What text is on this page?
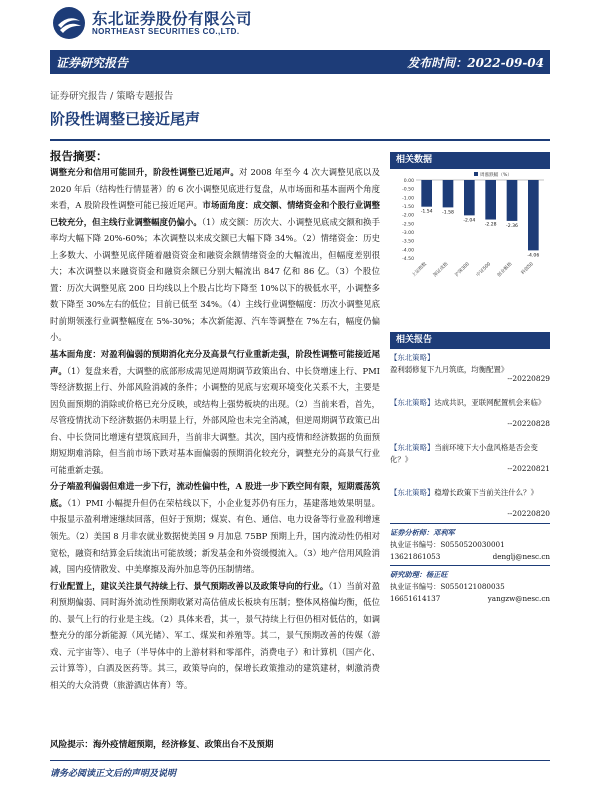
东北证券股份有限公司
NORTHEAST SECURITIES CO.,LTD.
证券研究报告	发布时间：2022-09-04
证券研究报告 / 策略专题报告
阶段性调整已接近尾声
报告摘要：

调整充分和信用可能回升，阶段性调整已近尾声。对 2008 年至今 4 次大调整见底以及 2020 年后（结构性行情显著）的 6 次小调整见底进行复盘，从市场面和基本面两个角度来看，A 股阶段性调整可能已接近尾声。市场面角度：成交额、情绪资金和个股行业调整已较充分，但主线行业调整幅度仍偏小。（1）成交额：历次大、小调整见底成交额和换手率均大幅下降 20%-60%；本次调整以来成交额已大幅下降 34%。（2）情绪资金：历史上多数大、小调整见底伴随着融资资金和融资余额情绪资金的大幅流出，但幅度差别很大；本次调整以来融资资金和融资余额已分别大幅流出 847 亿和 86 亿。（3）个股位置：历次大调整见底 200 日均线以上个股占比均下降至 10%以下的极低水平，小调整多数下降至 30%左右的低位；目前已低至 34%。（4）主线行业调整幅度：历次小调整见底时前期领涨行业调整幅度在 5%-30%；本次新能源、汽车等调整在 7%左右，幅度仍偏小。

基本面角度：对盈利偏弱的预期消化充分及高景气行业重新走强，阶段性调整可能接近尾声。（1）复盘来看，大调整的底部形成需见逆周期调节政策出台、中长贷增速上行、PMI 等经济数据上行、外部风险消减的条件；小调整的见底与宏观环境变化关系不大，主要是因负面预期的消除或价格已充分反映，或结构上强势板块的出现。（2）当前来看，首先，尽管疫情扰动下经济数据仍未明显上行，外部风险也未完全消减，但逆周期调节政策已出台、中长贷同比增速有望筑底回升，当前非大调整。其次，国内疫情和经济数据的负面预期短期难消除，但当前市场下跌对基本面偏弱的预期消化较充分，调整充分的高景气行业可能重新走强。

分子端盈利偏弱但难进一步下行，流动性偏中性，A 股进一步下跌空间有限，短期震荡筑底。（1）PMI 小幅提升但仍在荣枯线以下，小企业复苏仍有压力，基建落地效果明显。中报显示盈利增速继续回落，但好于预期；煤炭、有色、通信、电力设备等行业盈利增速领先。（2）美国 8 月非农就业数据使美国 9 月加息 75BP 预期上升，国内流动性仍相对宽松，融资和结算金后续流出可能放缓；新发基金和外资缓慢流入。（3）地产信用风险消减，国内疫情散发、中美摩擦及海外加息等仍压制情绪。

行业配置上，建议关注景气持续上行、景气预期改善以及政策导向的行业。（1）当前对盈利预期偏弱、同时海外流动性预期收紧对高估值成长板块有压制；整体风格偏均衡，低位的、景气上行的行业是主线。（2）具体来看，其一，景气持续上行但仍相对低估的，如调整充分的部分新能源（风光储）、军工、煤炭和养殖等。其二，景气预期改善的传媒（游戏、元宇宙等）、电子（半导体中的上游材料和零部件，消费电子）和计算机（国产化、云计算等），白酒及医药等。其三，政策导向的，保增长政策推动的建筑建材，刺激消费相关的大众消费（旅游酒店体育）等。

风险提示：海外疫情超预期，经济修复、政策出台不及预期
相关数据
0.00
-0.50
-1.00
-1.50
-2.00
-2.50
-3.00
-3.50
-4.00
-4.50
周涨跌幅（%）
-1.54
上证指数
-1.58
深证成指
-2.04
沪深300
-2.28
中证500
-2.36
创业板指
-4.06
科创50
相关报告
【东北策略】盈利弱修复下九月筑底，均衡配置》
--20220829
【东北策略】达成共识，亚联网配置机会来临》
--20220828
【东北策略】当前环境下大小盘风格是否会变化？》
--20220821
【东北策略】稳增长政策下当前关注什么？》
--20220820
证券分析师：邓利军
执业证书编号：S0550520030001
13621861053	denglj@nesc.cn
研究助理：杨正旺
执业证书编号：S0550121080035
16651614137	yangzw@nesc.cn
请务必阅读正文后的声明及说明
